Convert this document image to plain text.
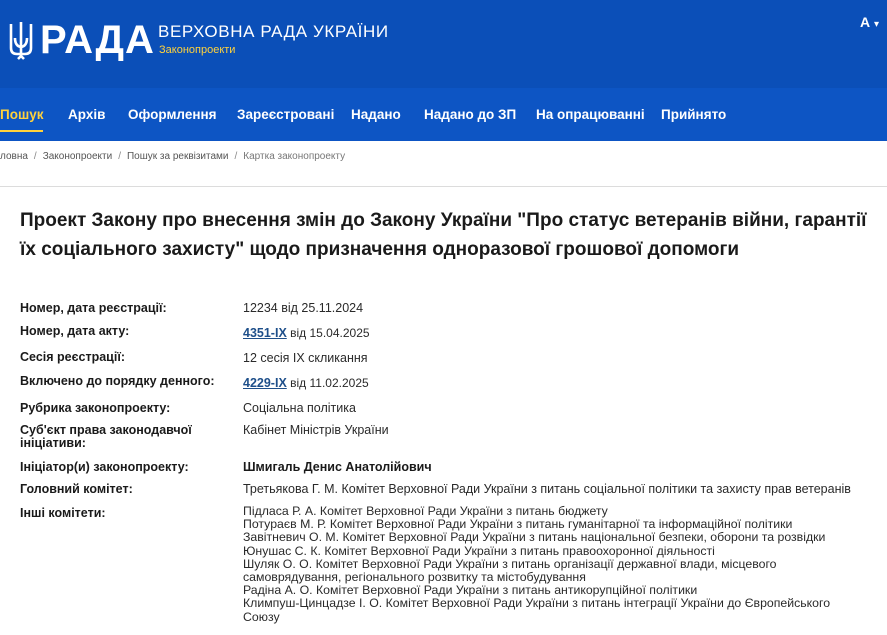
РАДА ВЕРХОВНА РАДА УКРАЇНИ
Законопроекти
А ▾
Пошук Архів Оформлення Зареєстровані Надано Надано до ЗП На опрацюванні Прийнято
ловна / Законопроекти / Пошук за реквізитами / Картка законопроекту
Проект Закону про внесення змін до Закону України "Про статус ветеранів війни, гарантії їх соціального захисту" щодо призначення одноразової грошової допомоги
Номер, дата реєстрації:	12234 від 25.11.2024
Номер, дата акту:	4351-IX від 15.04.2025
Сесія реєстрації:	12 сесія IX скликання
Включено до порядку денного:	4229-IX від 11.02.2025
Рубрика законопроекту:	Соціальна політика
Суб'єкт права законодавчої ініціативи:
Кабінет Міністрів України
Ініціатор(и) законопроекту:	Шмигаль Денис Анатолійович
Головний комітет:	Третьякова Г. М. Комітет Верховної Ради України з питань соціальної політики та захисту прав ветеранів
Інші комітети:	Підласа Р. А. Комітет Верховної Ради України з питань бюджету
Потураєв М. Р. Комітет Верховної Ради України з питань гуманітарної та інформаційної політики
Завітневич О. М. Комітет Верховної Ради України з питань національної безпеки, оборони та розвідки
Юнушас С. К. Комітет Верховної Ради України з питань правоохоронної діяльності
Шуляк О. О. Комітет Верховної Ради України з питань організації державної влади, місцевого
самоврядування, регіонального розвитку та містобудування
Радіна А. О. Комітет Верховної Ради України з питань антикорупційної політики
Климпуш-Цинцадзе І. О. Комітет Верховної Ради України з питань інтеграції України до Європейського
Союзу
